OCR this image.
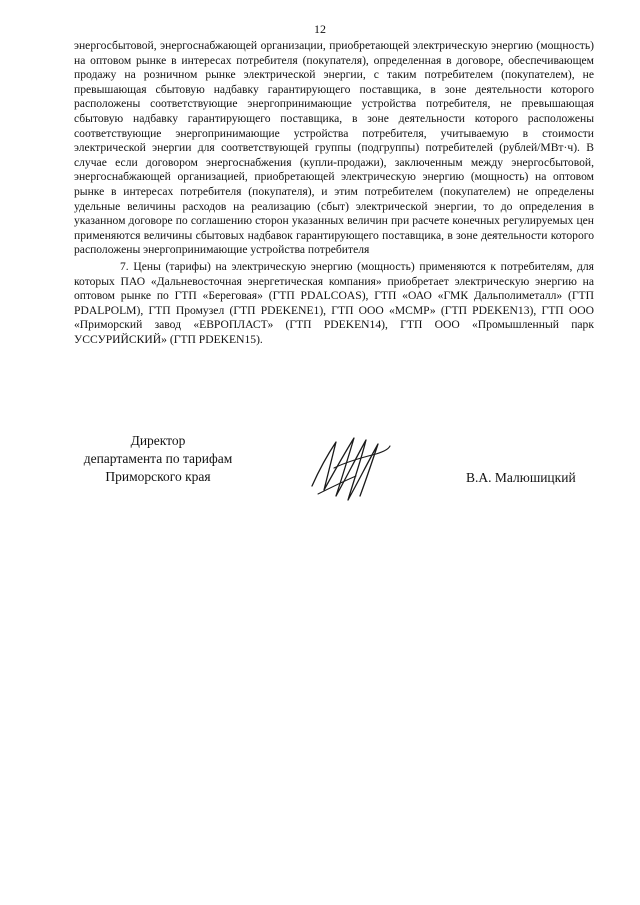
12

энергосбытовой, энергоснабжающей организации, приобретающей электрическую энергию (мощность) на оптовом рынке в интересах потребителя (покупателя), определенная в договоре, обеспечивающем продажу на розничном рынке электрической энергии, с таким потребителем (покупателем), не превышающая сбытовую надбавку гарантирующего поставщика, в зоне деятельности которого расположены соответствующие энергопринимающие устройства потребителя, не превышающая сбытовую надбавку гарантирующего поставщика, в зоне деятельности которого расположены соответствующие энергопринимающие устройства потребителя, учитываемую в стоимости электрической энергии для соответствующей группы (подгруппы) потребителей (рублей/МВт·ч). В случае если договором энергоснабжения (купли-продажи), заключенным между энергосбытовой, энергоснабжающей организацией, приобретающей электрическую энергию (мощность) на оптовом рынке в интересах потребителя (покупателя), и этим потребителем (покупателем) не определены удельные величины расходов на реализацию (сбыт) электрической энергии, то до определения в указанном договоре по соглашению сторон указанных величин при расчете конечных регулируемых цен применяются величины сбытовых надбавок гарантирующего поставщика, в зоне деятельности которого расположены энергопринимающие устройства потребителя

7. Цены (тарифы) на электрическую энергию (мощность) применяются к потребителям, для которых ПАО «Дальневосточная энергетическая компания» приобретает электрическую энергию на оптовом рынке по ГТП «Береговая» (ГТП PDALCOAS), ГТП «ОАО «ГМК Дальполиметалл» (ГТП PDALPOLM), ГТП Промузел (ГТП PDEKENE1), ГТП ООО «МСМР» (ГТП PDEKEN13), ГТП ООО «Приморский завод «ЕВРОПЛАСТ» (ГТП PDEKEN14), ГТП ООО «Промышленный парк УССУРИЙСКИЙ» (ГТП PDEKEN15).

Директор
департамента по тарифам
Приморского края	В.А. Малюшицкий
